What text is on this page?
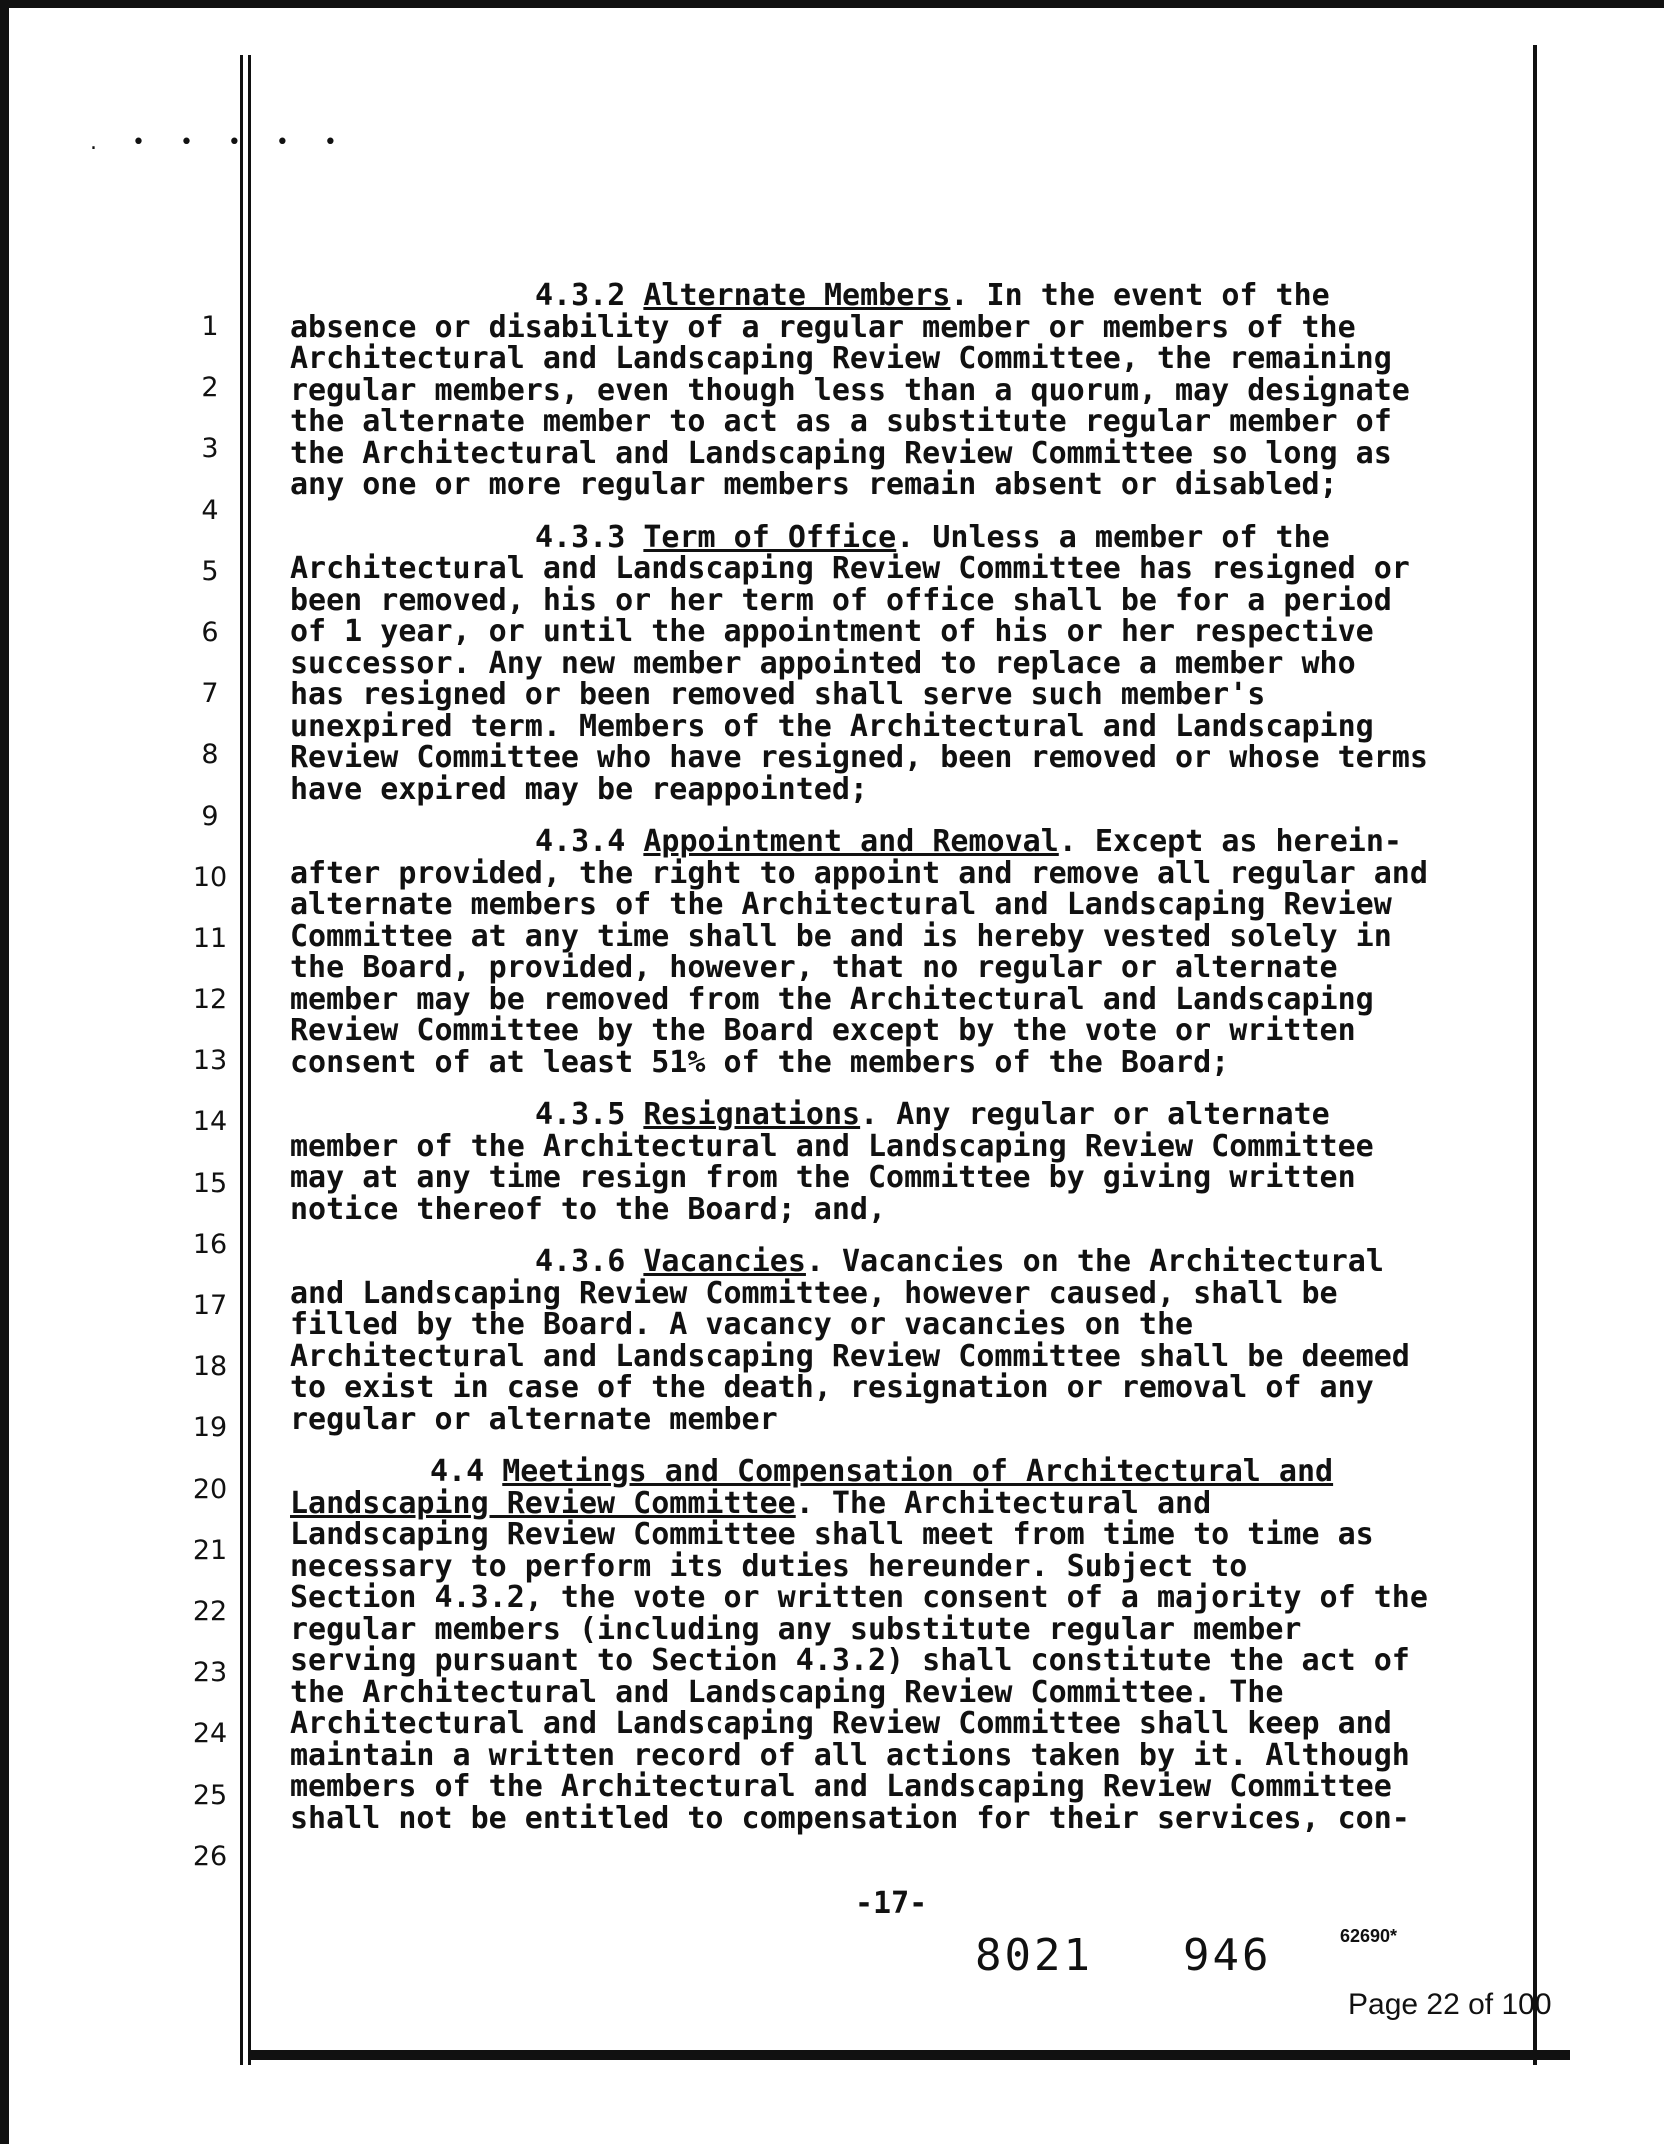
. • • • • •
1
2
3
4
5
6
7
8
9
10
11
12
13
14
15
16
17
18
19
20
21
22
23
24
25
26
4.3.2 Alternate Members. In the event of the
absence or disability of a regular member or members of the
Architectural and Landscaping Review Committee, the remaining
regular members, even though less than a quorum, may designate
the alternate member to act as a substitute regular member of
the Architectural and Landscaping Review Committee so long as
any one or more regular members remain absent or disabled;
4.3.3 Term of Office. Unless a member of the
Architectural and Landscaping Review Committee has resigned or
been removed, his or her term of office shall be for a period
of 1 year, or until the appointment of his or her respective
successor. Any new member appointed to replace a member who
has resigned or been removed shall serve such member's
unexpired term. Members of the Architectural and Landscaping
Review Committee who have resigned, been removed or whose terms
have expired may be reappointed;
4.3.4 Appointment and Removal. Except as herein-
after provided, the right to appoint and remove all regular and
alternate members of the Architectural and Landscaping Review
Committee at any time shall be and is hereby vested solely in
the Board, provided, however, that no regular or alternate
member may be removed from the Architectural and Landscaping
Review Committee by the Board except by the vote or written
consent of at least 51% of the members of the Board;
4.3.5 Resignations. Any regular or alternate
member of the Architectural and Landscaping Review Committee
may at any time resign from the Committee by giving written
notice thereof to the Board; and,
4.3.6 Vacancies. Vacancies on the Architectural
and Landscaping Review Committee, however caused, shall be
filled by the Board. A vacancy or vacancies on the
Architectural and Landscaping Review Committee shall be deemed
to exist in case of the death, resignation or removal of any
regular or alternate member
4.4 Meetings and Compensation of Architectural and
Landscaping Review Committee. The Architectural and
Landscaping Review Committee shall meet from time to time as
necessary to perform its duties hereunder. Subject to
Section 4.3.2, the vote or written consent of a majority of the
regular members (including any substitute regular member
serving pursuant to Section 4.3.2) shall constitute the act of
the Architectural and Landscaping Review Committee. The
Architectural and Landscaping Review Committee shall keep and
maintain a written record of all actions taken by it. Although
members of the Architectural and Landscaping Review Committee
shall not be entitled to compensation for their services, con-
-17-
8021 946	62690*
Page 22 of 100
